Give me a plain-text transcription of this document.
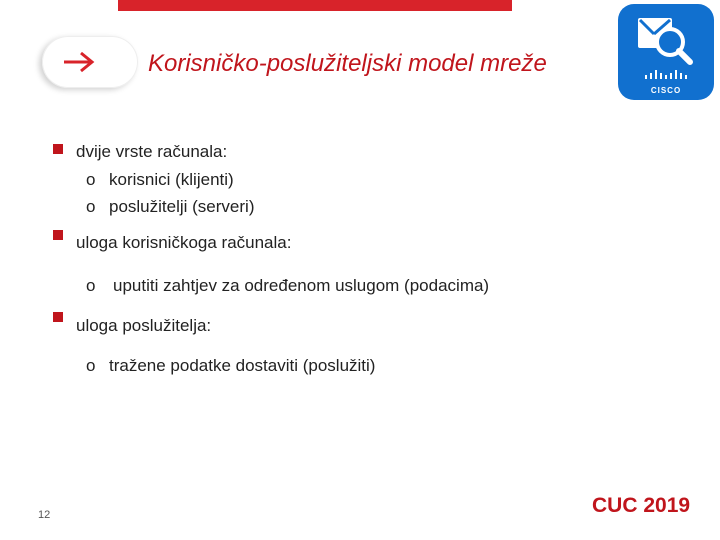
Korisničko-poslužiteljski model mreže
CISCO
dvije vrste računala:
o korisnici (klijenti)
o poslužitelji (serveri)
uloga korisničkoga računala:
o uputiti zahtjev za određenom uslugom (podacima)
uloga poslužitelja:
o tražene podatke dostaviti (poslužiti)
12	CUC 2019
